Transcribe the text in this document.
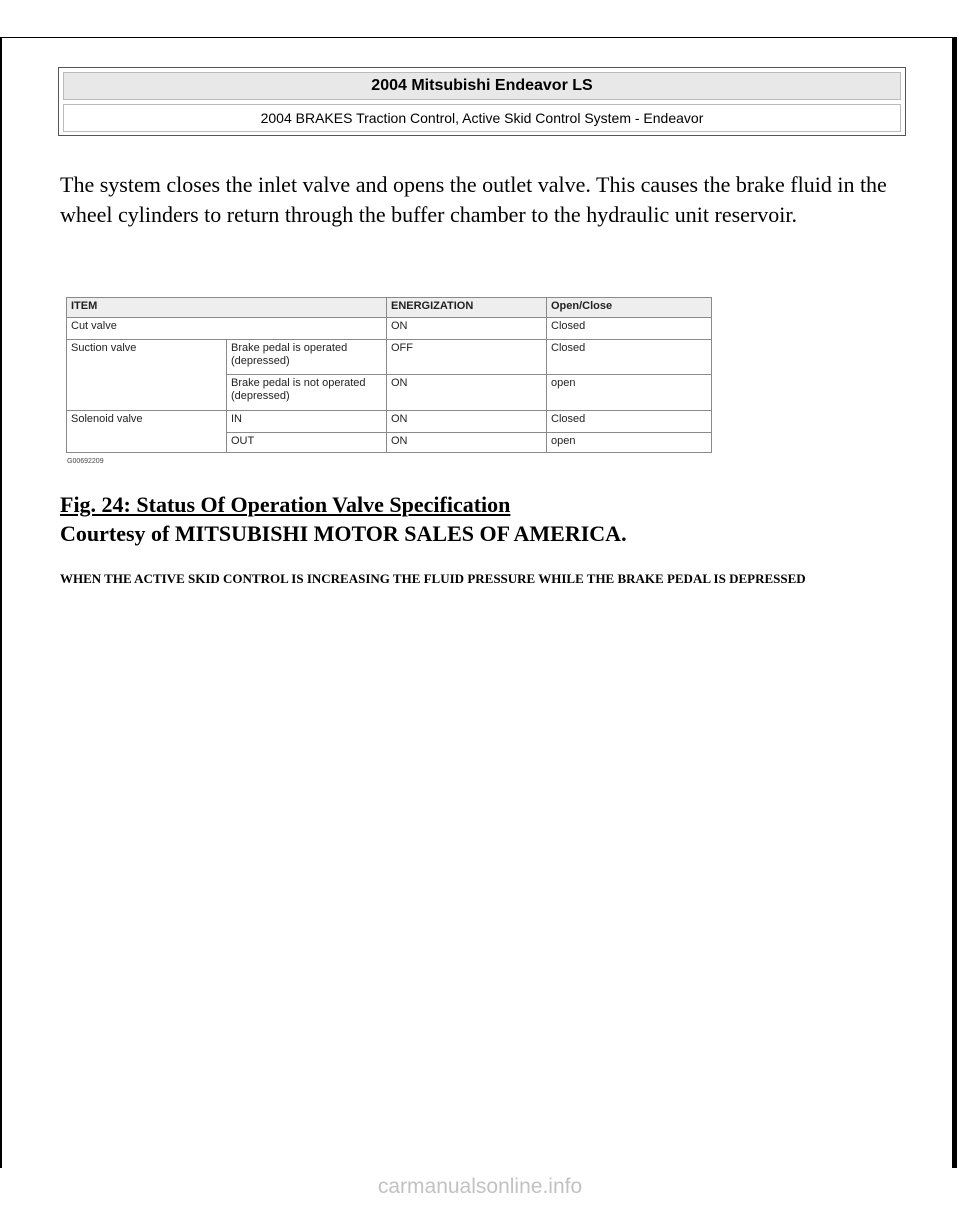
2004 Mitsubishi Endeavor LS
2004 BRAKES Traction Control, Active Skid Control System - Endeavor

The system closes the inlet valve and opens the outlet valve. This causes the brake fluid in the wheel cylinders to return through the buffer chamber to the hydraulic unit reservoir.

ITEM		ENERGIZATION	Open/Close
Cut valve		ON	Closed
Suction valve	Brake pedal is operated (depressed)	OFF	Closed
	Brake pedal is not operated (depressed)	ON	open
Solenoid valve	IN	ON	Closed
	OUT	ON	open
G00692209
Fig. 24: Status Of Operation Valve Specification
Courtesy of MITSUBISHI MOTOR SALES OF AMERICA.

WHEN THE ACTIVE SKID CONTROL IS INCREASING THE FLUID PRESSURE WHILE THE BRAKE PEDAL IS DEPRESSED

carmanualsonline.info
